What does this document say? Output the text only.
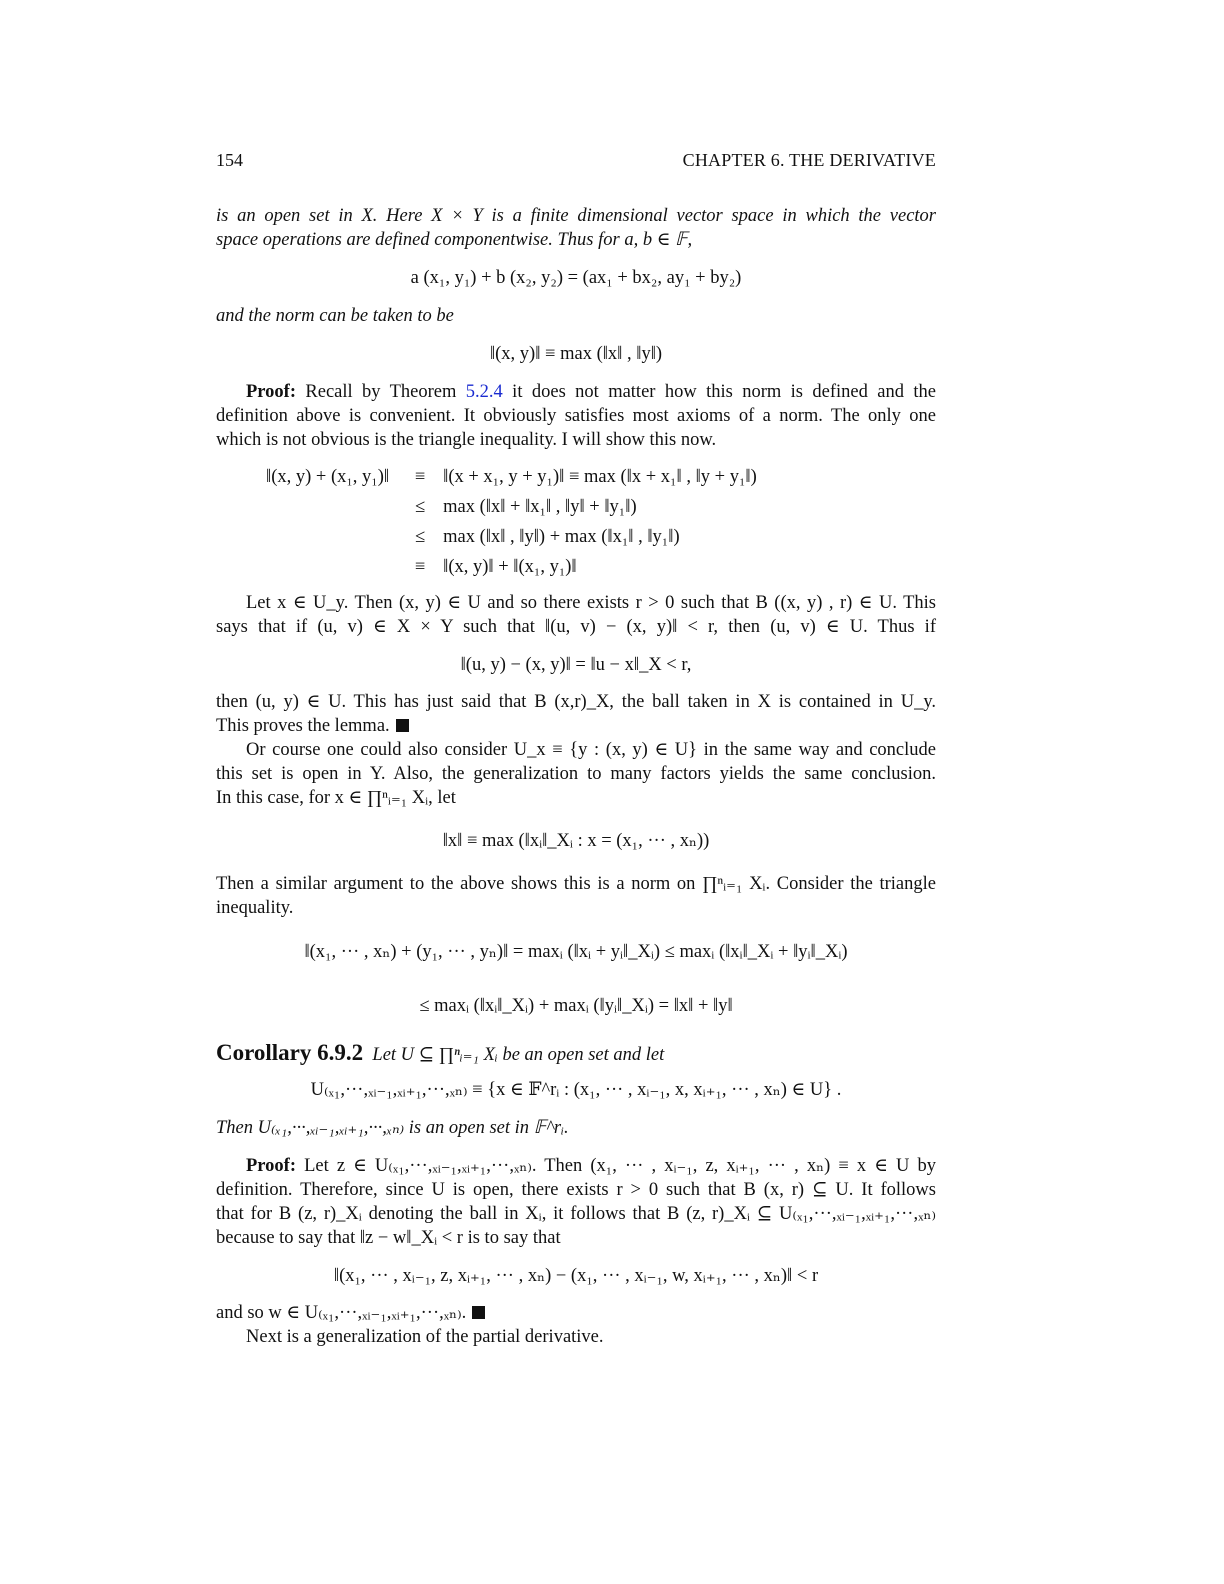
154	CHAPTER 6. THE DERIVATIVE
is an open set in X. Here X × Y is a finite dimensional vector space in which the vector
space operations are defined componentwise. Thus for a, b ∈ 𝔽,
a (x₁, y₁) + b (x₂, y₂) = (ax₁ + bx₂, ay₁ + by₂)
and the norm can be taken to be
‖(x, y)‖ ≡ max (‖x‖ , ‖y‖)
Proof: Recall by Theorem 5.2.4 it does not matter how this norm is defined and the
definition above is convenient. It obviously satisfies most axioms of a norm. The only one
which is not obvious is the triangle inequality. I will show this now.
‖(x, y) + (x₁, y₁)‖	≡	‖(x + x₁, y + y₁)‖ ≡ max (‖x + x₁‖ , ‖y + y₁‖)
	≤	max (‖x‖ + ‖x₁‖ , ‖y‖ + ‖y₁‖)
	≤	max (‖x‖ , ‖y‖) + max (‖x₁‖ , ‖y₁‖)
	≡	‖(x, y)‖ + ‖(x₁, y₁)‖
Let x ∈ U_y. Then (x, y) ∈ U and so there exists r > 0 such that B ((x, y) , r) ∈ U. This
says that if (u, v) ∈ X × Y such that ‖(u, v) − (x, y)‖ < r, then (u, v) ∈ U. Thus if
‖(u, y) − (x, y)‖ = ‖u − x‖_X < r,
then (u, y) ∈ U. This has just said that B (x,r)_X, the ball taken in X is contained in U_y.
This proves the lemma.
Or course one could also consider U_x ≡ {y : (x, y) ∈ U} in the same way and conclude
this set is open in Y. Also, the generalization to many factors yields the same conclusion.
In this case, for x ∈ ∏ⁿᵢ₌₁ Xᵢ, let
‖x‖ ≡ max (‖xᵢ‖_Xᵢ : x = (x₁, ··· , xₙ))
Then a similar argument to the above shows this is a norm on ∏ⁿᵢ₌₁ Xᵢ. Consider the triangle
inequality.
‖(x₁, ··· , xₙ) + (y₁, ··· , yₙ)‖ = maxᵢ (‖xᵢ + yᵢ‖_Xᵢ) ≤ maxᵢ (‖xᵢ‖_Xᵢ + ‖yᵢ‖_Xᵢ)
≤ maxᵢ (‖xᵢ‖_Xᵢ) + maxᵢ (‖yᵢ‖_Xᵢ) = ‖x‖ + ‖y‖
Corollary 6.9.2 Let U ⊆ ∏ⁿᵢ₌₁ Xᵢ be an open set and let
U₍ₓ₁,···,ₓᵢ₋₁,ₓᵢ₊₁,···,ₓₙ₎ ≡ {x ∈ 𝔽^rᵢ : (x₁, ··· , xᵢ₋₁, x, xᵢ₊₁, ··· , xₙ) ∈ U} .
Then U₍ₓ₁,···,ₓᵢ₋₁,ₓᵢ₊₁,···,ₓₙ₎ is an open set in 𝔽^rᵢ.
Proof: Let z ∈ U₍ₓ₁,···,ₓᵢ₋₁,ₓᵢ₊₁,···,ₓₙ₎. Then (x₁, ··· , xᵢ₋₁, z, xᵢ₊₁, ··· , xₙ) ≡ x ∈ U by
definition. Therefore, since U is open, there exists r > 0 such that B (x, r) ⊆ U. It follows
that for B (z, r)_Xᵢ denoting the ball in Xᵢ, it follows that B (z, r)_Xᵢ ⊆ U₍ₓ₁,···,ₓᵢ₋₁,ₓᵢ₊₁,···,ₓₙ₎
because to say that ‖z − w‖_Xᵢ < r is to say that
‖(x₁, ··· , xᵢ₋₁, z, xᵢ₊₁, ··· , xₙ) − (x₁, ··· , xᵢ₋₁, w, xᵢ₊₁, ··· , xₙ)‖ < r
and so w ∈ U₍ₓ₁,···,ₓᵢ₋₁,ₓᵢ₊₁,···,ₓₙ₎.
Next is a generalization of the partial derivative.
